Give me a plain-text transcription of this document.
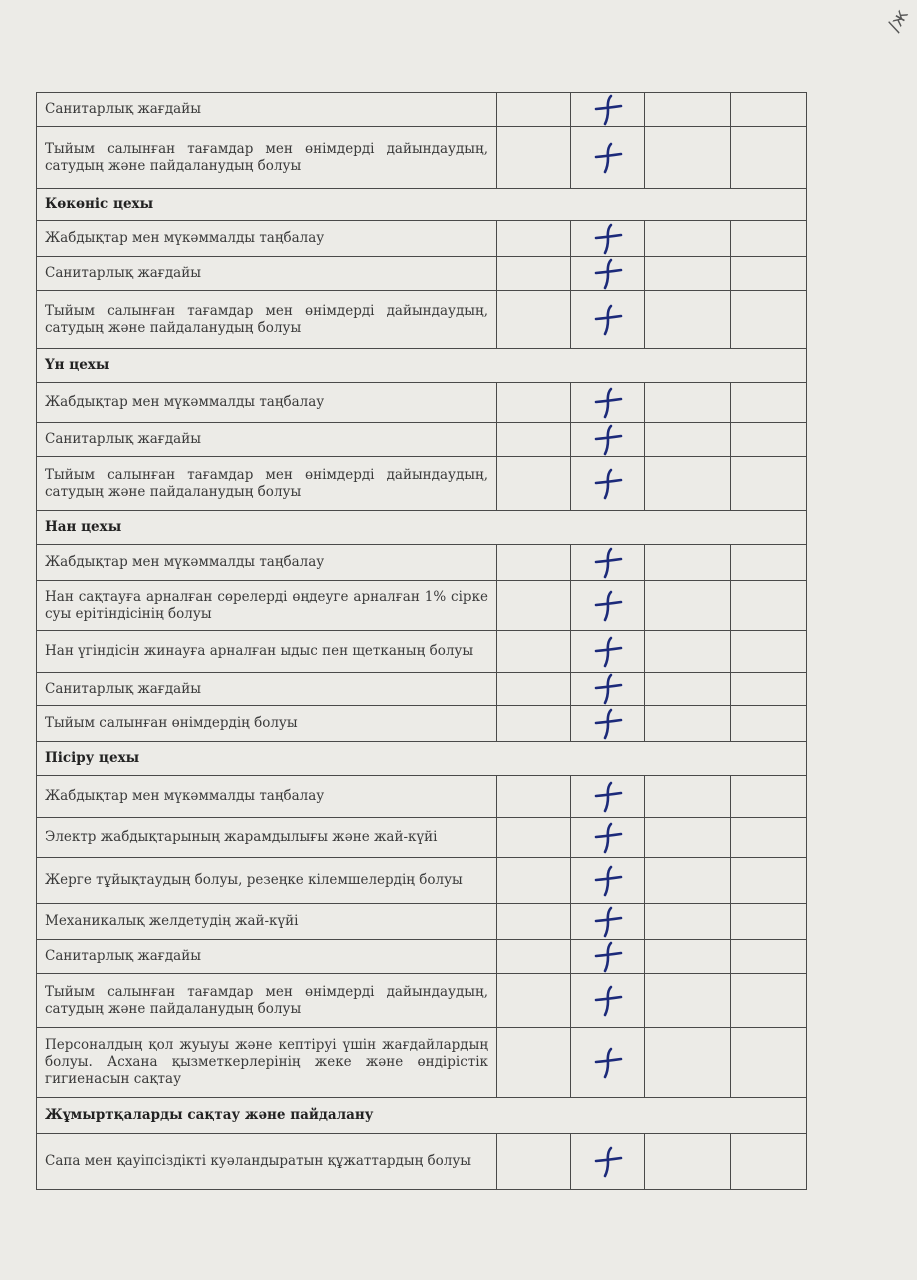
/ж
Санитарлық жағдайы				
Тыйым салынған тағамдар мен өнімдерді дайындаудың, сатудың және пайдаланудың болуы				
Көкөніс цехы				
Жабдықтар мен мүкәммалды таңбалау				
Санитарлық жағдайы				
Тыйым салынған тағамдар мен өнімдерді дайындаудың, сатудың және пайдаланудың болуы				
Үн цехы				
Жабдықтар мен мүкәммалды таңбалау				
Санитарлық жағдайы				
Тыйым салынған тағамдар мен өнімдерді дайындаудың, сатудың және пайдаланудың болуы				
Нан цехы				
Жабдықтар мен мүкәммалды таңбалау				
Нан сақтауға арналған сөрелерді өңдеуге арналған 1% сірке суы ерітіндісінің болуы				
Нан үгіндісін жинауға арналған ыдыс пен щетканың болуы				
Санитарлық жағдайы				
Тыйым салынған өнімдердің болуы				
Пісіру цехы				
Жабдықтар мен мүкәммалды таңбалау				
Электр жабдықтарының жарамдылығы және жай-күйі				
Жерге тұйықтаудың болуы, резеңке кілемшелердің болуы				
Механикалық желдетудің жай-күйі				
Санитарлық жағдайы				
Тыйым салынған тағамдар мен өнімдерді дайындаудың, сатудың және пайдаланудың болуы				
Персоналдың қол жуыуы және кептіруі үшін жағдайлардың болуы. Асхана қызметкерлерінің жеке және өндірістік гигиенасын сақтау				
Жұмыртқаларды сақтау және пайдалану				
Сапа мен қауіпсіздікті куәландыратын құжаттардың болуы				
